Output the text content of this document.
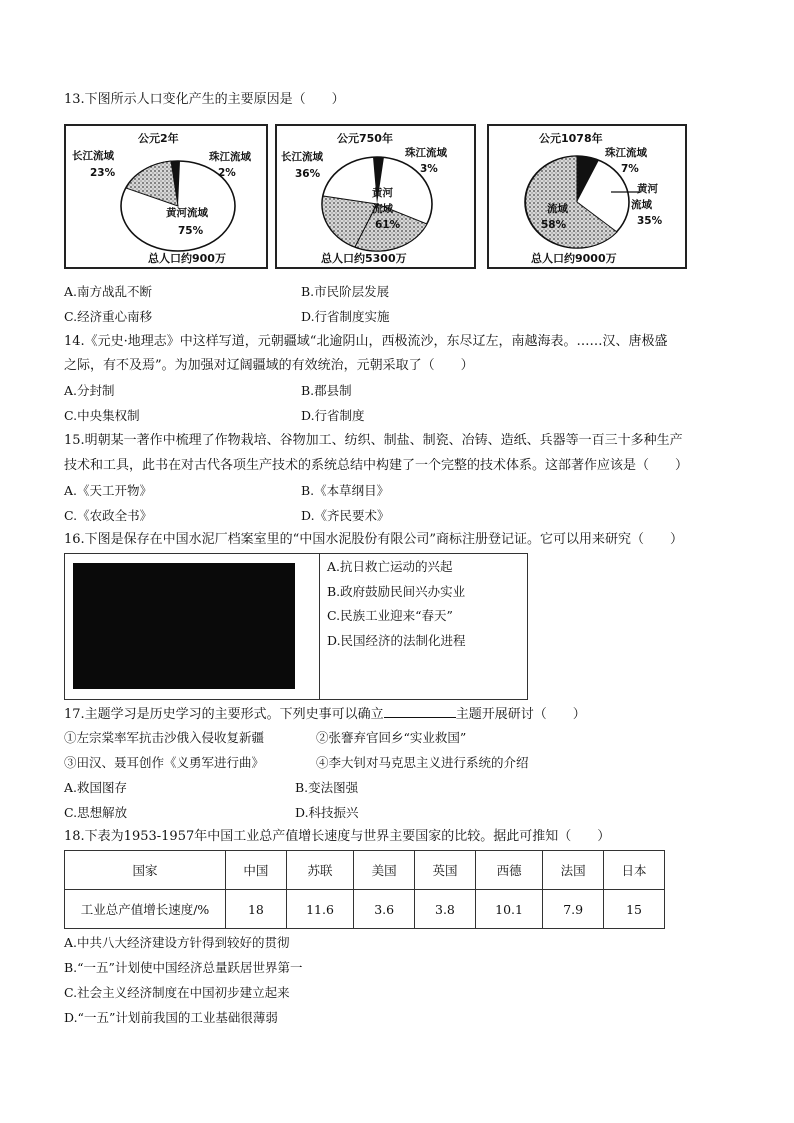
13.下图所示人口变化产生的主要原因是（　　）
公元2年
长江流域
23%
珠江流域
2%
黄河流域
75%
总人口约900万
公元750年
长江流域
36%
珠江流域
3%
黄河
流域
61%
总人口约5300万
公元1078年
珠江流域
7%
黄河
流域
35%
流域
58%
总人口约9000万
A.南方战乱不断	B.市民阶层发展
C.经济重心南移	D.行省制度实施
14.《元史·地理志》中这样写道，元朝疆域“北逾阴山，西极流沙，东尽辽左，南越海表。……汉、唐极盛
之际，有不及焉”。为加强对辽阔疆域的有效统治，元朝采取了（　　）
A.分封制	B.郡县制
C.中央集权制	D.行省制度
15.明朝某一著作中梳理了作物栽培、谷物加工、纺织、制盐、制瓷、冶铸、造纸、兵器等一百三十多种生产
技术和工具，此书在对古代各项生产技术的系统总结中构建了一个完整的技术体系。这部著作应该是（　　）
A.《天工开物》	B.《本草纲目》
C.《农政全书》	D.《齐民要术》
16.下图是保存在中国水泥厂档案室里的“中国水泥股份有限公司”商标注册登记证。它可以用来研究（　　）
A.抗日救亡运动的兴起
B.政府鼓励民间兴办实业
C.民族工业迎来“春天”
D.民国经济的法制化进程
17.主题学习是历史学习的主要形式。下列史事可以确立	主题开展研讨（　　）
①左宗棠率军抗击沙俄入侵收复新疆	②张謇弃官回乡“实业救国”
③田汉、聂耳创作《义勇军进行曲》	④李大钊对马克思主义进行系统的介绍
A.救国图存	B.变法图强
C.思想解放	D.科技振兴
18.下表为1953-1957年中国工业总产值增长速度与世界主要国家的比较。据此可推知（　　）
国家	中国	苏联	美国	英国	西德	法国	日本
工业总产值增长速度/%	18	11.6	3.6	3.8	10.1	7.9	15
A.中共八大经济建设方针得到较好的贯彻
B.“一五”计划使中国经济总量跃居世界第一
C.社会主义经济制度在中国初步建立起来
D.“一五”计划前我国的工业基础很薄弱
